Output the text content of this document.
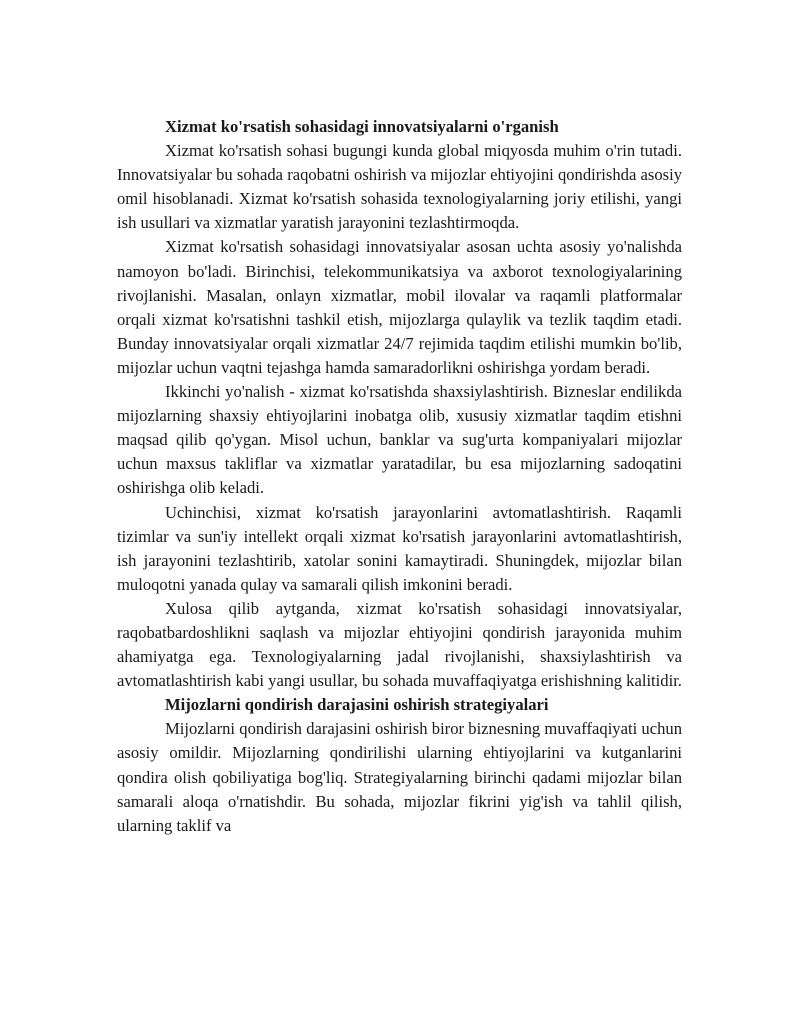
Xizmat ko'rsatish sohasidagi innovatsiyalarni o'rganish

Xizmat ko'rsatish sohasi bugungi kunda global miqyosda muhim o'rin tutadi. Innovatsiyalar bu sohada raqobatni oshirish va mijozlar ehtiyojini qondirishda asosiy omil hisoblanadi. Xizmat ko'rsatish sohasida texnologiyalarning joriy etilishi, yangi ish usullari va xizmatlar yaratish jarayonini tezlashtirmoqda.

Xizmat ko'rsatish sohasidagi innovatsiyalar asosan uchta asosiy yo'nalishda namoyon bo'ladi. Birinchisi, telekommunikatsiya va axborot texnologiyalarining rivojlanishi. Masalan, onlayn xizmatlar, mobil ilovalar va raqamli platformalar orqali xizmat ko'rsatishni tashkil etish, mijozlarga qulaylik va tezlik taqdim etadi. Bunday innovatsiyalar orqali xizmatlar 24/7 rejimida taqdim etilishi mumkin bo'lib, mijozlar uchun vaqtni tejashga hamda samaradorlikni oshirishga yordam beradi.

Ikkinchi yo'nalish - xizmat ko'rsatishda shaxsiylashtirish. Bizneslar endilikda mijozlarning shaxsiy ehtiyojlarini inobatga olib, xususiy xizmatlar taqdim etishni maqsad qilib qo'ygan. Misol uchun, banklar va sug'urta kompaniyalari mijozlar uchun maxsus takliflar va xizmatlar yaratadilar, bu esa mijozlarning sadoqatini oshirishga olib keladi.

Uchinchisi, xizmat ko'rsatish jarayonlarini avtomatlashtirish. Raqamli tizimlar va sun'iy intellekt orqali xizmat ko'rsatish jarayonlarini avtomatlashtirish, ish jarayonini tezlashtirib, xatolar sonini kamaytiradi. Shuningdek, mijozlar bilan muloqotni yanada qulay va samarali qilish imkonini beradi.

Xulosa qilib aytganda, xizmat ko'rsatish sohasidagi innovatsiyalar, raqobatbardoshlikni saqlash va mijozlar ehtiyojini qondirish jarayonida muhim ahamiyatga ega. Texnologiyalarning jadal rivojlanishi, shaxsiylashtirish va avtomatlashtirish kabi yangi usullar, bu sohada muvaffaqiyatga erishishning kalitidir.

Mijozlarni qondirish darajasini oshirish strategiyalari

Mijozlarni qondirish darajasini oshirish biror biznesning muvaffaqiyati uchun asosiy omildir. Mijozlarning qondirilishi ularning ehtiyojlarini va kutganlarini qondira olish qobiliyatiga bog'liq. Strategiyalarning birinchi qadami mijozlar bilan samarali aloqa o'rnatishdir. Bu sohada, mijozlar fikrini yig'ish va tahlil qilish, ularning taklif va
